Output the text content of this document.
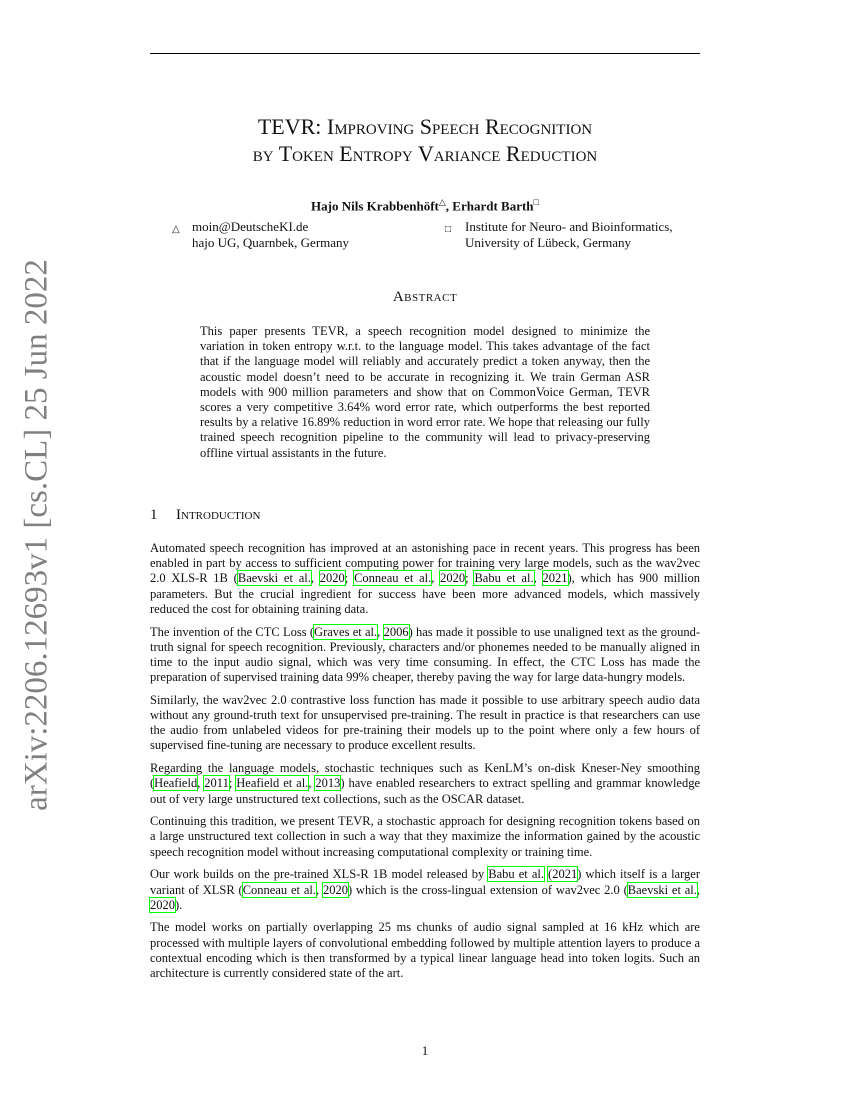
arXiv:2206.12693v1 [cs.CL] 25 Jun 2022
TEVR: Improving Speech Recognition
by Token Entropy Variance Reduction
Hajo Nils Krabbenhöft△, Erhardt Barth□
△ moin@DeutscheKI.de
hajo UG, Quarnbek, Germany
□ Institute for Neuro- and Bioinformatics,
University of Lübeck, Germany
Abstract
This paper presents TEVR, a speech recognition model designed to minimize the variation in token entropy w.r.t. to the language model. This takes advantage of the fact that if the language model will reliably and accurately predict a token anyway, then the acoustic model doesn’t need to be accurate in recognizing it. We train German ASR models with 900 million parameters and show that on CommonVoice German, TEVR scores a very competitive 3.64% word error rate, which outperforms the best reported results by a relative 16.89% reduction in word error rate. We hope that releasing our fully trained speech recognition pipeline to the community will lead to privacy-preserving offline virtual assistants in the future.
1 Introduction

Automated speech recognition has improved at an astonishing pace in recent years. This progress has been enabled in part by access to sufficient computing power for training very large models, such as the wav2vec 2.0 XLS-R 1B (Baevski et al., 2020; Conneau et al., 2020; Babu et al., 2021), which has 900 million parameters. But the crucial ingredient for success have been more advanced models, which massively reduced the cost for obtaining training data.

The invention of the CTC Loss (Graves et al., 2006) has made it possible to use unaligned text as the ground-truth signal for speech recognition. Previously, characters and/or phonemes needed to be manually aligned in time to the input audio signal, which was very time consuming. In effect, the CTC Loss has made the preparation of supervised training data 99% cheaper, thereby paving the way for large data-hungry models.

Similarly, the wav2vec 2.0 contrastive loss function has made it possible to use arbitrary speech audio data without any ground-truth text for unsupervised pre-training. The result in practice is that researchers can use the audio from unlabeled videos for pre-training their models up to the point where only a few hours of supervised fine-tuning are necessary to produce excellent results.

Regarding the language models, stochastic techniques such as KenLM’s on-disk Kneser-Ney smoothing (Heafield, 2011; Heafield et al., 2013) have enabled researchers to extract spelling and grammar knowledge out of very large unstructured text collections, such as the OSCAR dataset.

Continuing this tradition, we present TEVR, a stochastic approach for designing recognition tokens based on a large unstructured text collection in such a way that they maximize the information gained by the acoustic speech recognition model without increasing computational complexity or training time.

Our work builds on the pre-trained XLS-R 1B model released by Babu et al. (2021) which itself is a larger variant of XLSR (Conneau et al., 2020) which is the cross-lingual extension of wav2vec 2.0 (Baevski et al., 2020).

The model works on partially overlapping 25 ms chunks of audio signal sampled at 16 kHz which are processed with multiple layers of convolutional embedding followed by multiple attention layers to produce a contextual encoding which is then transformed by a typical linear language head into token logits. Such an architecture is currently considered state of the art.

1
